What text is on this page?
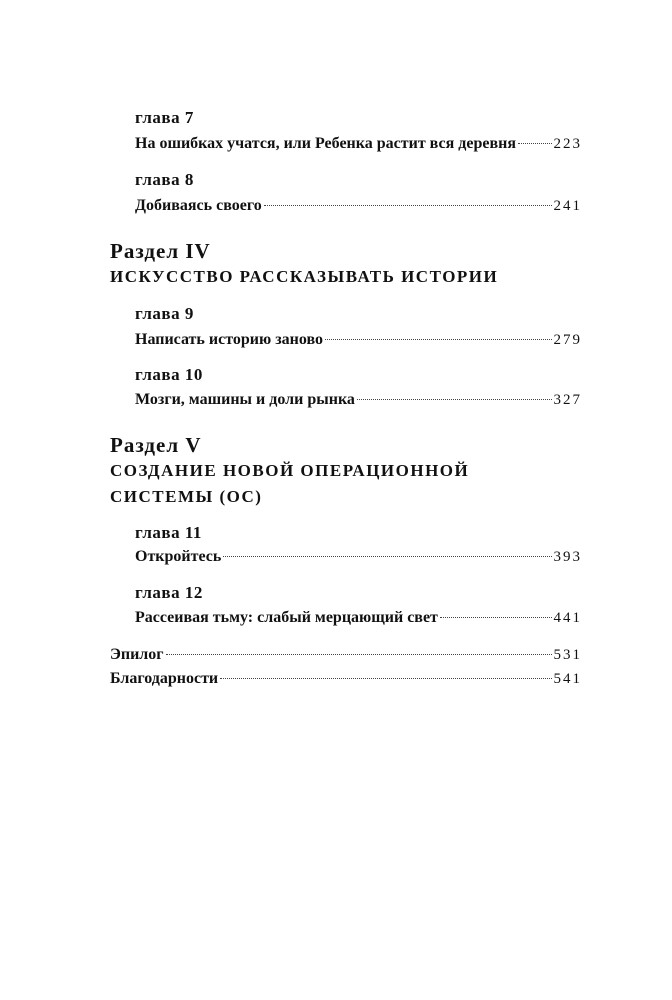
глава 7
На ошибках учатся, или Ребенка растит вся деревня	223
глава 8
Добиваясь своего	241
Раздел IV
ИСКУССТВО РАССКАЗЫВАТЬ ИСТОРИИ
глава 9
Написать историю заново	279
глава 10
Мозги, машины и доли рынка	327
Раздел V
СОЗДАНИЕ НОВОЙ ОПЕРАЦИОННОЙ
СИСТЕМЫ (ОС)
глава 11
Откройтесь	393
глава 12
Рассеивая тьму: слабый мерцающий свет	441
Эпилог	531
Благодарности	541
